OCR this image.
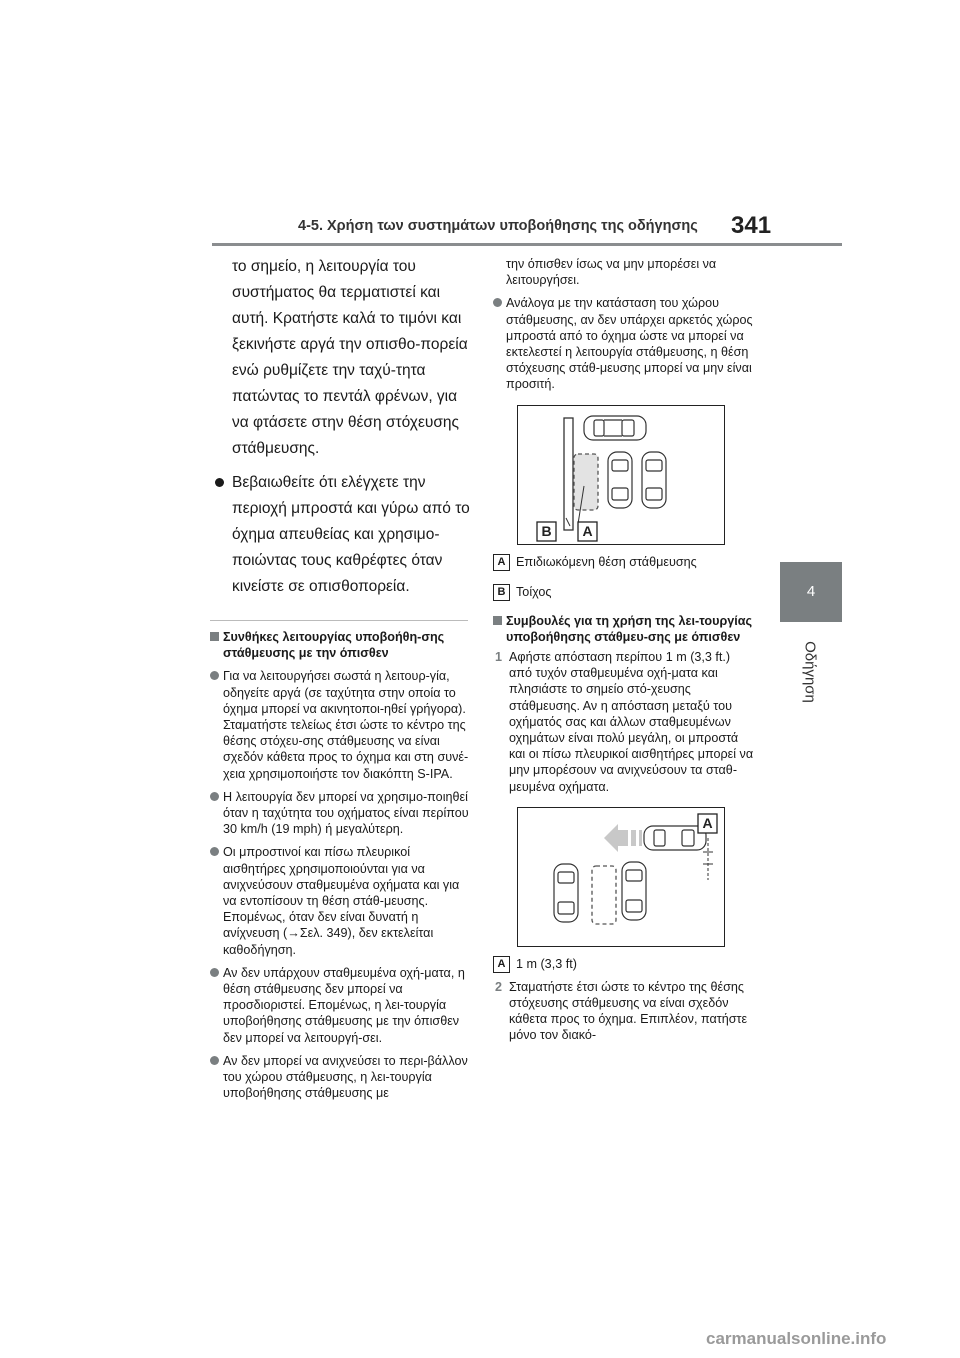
4-5. Χρήση των συστημάτων υποβοήθησης της οδήγησης 341
4
Οδήγηση
το σημείο, η λειτουργία του συστήματος θα τερματιστεί και αυτή. Κρατήστε καλά το τιμόνι και ξεκινήστε αργά την οπισθο-πορεία ενώ ρυθμίζετε την ταχύ-τητα πατώντας το πεντάλ φρένων, για να φτάσετε στην θέση στόχευσης στάθμευσης.
Βεβαιωθείτε ότι ελέγχετε την περιοχή μπροστά και γύρω από το όχημα απευθείας και χρησιμο-ποιώντας τους καθρέφτες όταν κινείστε σε οπισθοπορεία.
Συνθήκες λειτουργίας υποβοήθη-σης στάθμευσης με την όπισθεν
Για να λειτουργήσει σωστά η λειτουρ-γία, οδηγείτε αργά (σε ταχύτητα στην οποία το όχημα μπορεί να ακινητοποι-ηθεί γρήγορα). Σταματήστε τελείως έτσι ώστε το κέντρο της θέσης στόχευ-σης στάθμευσης να είναι σχεδόν κάθετα προς το όχημα και στη συνέ-χεια χρησιμοποιήστε τον διακόπτη S-IPA.
Η λειτουργία δεν μπορεί να χρησιμο-ποιηθεί όταν η ταχύτητα του οχήματος είναι περίπου 30 km/h (19 mph) ή μεγαλύτερη.
Οι μπροστινοί και πίσω πλευρικοί αισθητήρες χρησιμοποιούνται για να ανιχνεύσουν σταθμευμένα οχήματα και για να εντοπίσουν τη θέση στάθ-μευσης. Επομένως, όταν δεν είναι δυνατή η ανίχνευση (→Σελ. 349), δεν εκτελείται καθοδήγηση.
Αν δεν υπάρχουν σταθμευμένα οχή-ματα, η θέση στάθμευσης δεν μπορεί να προσδιοριστεί. Επομένως, η λει-τουργία υποβοήθησης στάθμευσης με την όπισθεν δεν μπορεί να λειτουργή-σει.
Αν δεν μπορεί να ανιχνεύσει το περι-βάλλον του χώρου στάθμευσης, η λει-τουργία υποβοήθησης στάθμευσης με
την όπισθεν ίσως να μην μπορέσει να λειτουργήσει.
Ανάλογα με την κατάσταση του χώρου στάθμευσης, αν δεν υπάρχει αρκετός χώρος μπροστά από το όχημα ώστε να μπορεί να εκτελεστεί η λειτουργία στάθμευσης, η θέση στόχευσης στάθ-μευσης μπορεί να μην είναι προσιτή.
B A
A Επιδιωκόμενη θέση στάθμευσης
B Τοίχος
Συμβουλές για τη χρήση της λει-τουργίας υποβοήθησης στάθμευ-σης με όπισθεν
1 Αφήστε απόσταση περίπου 1 m (3,3 ft.) από τυχόν σταθμευμένα οχή-ματα και πλησιάστε το σημείο στό-χευσης στάθμευσης. Αν η απόσταση μεταξύ του οχήματός σας και άλλων σταθμευμένων οχημάτων είναι πολύ μεγάλη, οι μπροστά και οι πίσω πλευρικοί αισθητήρες μπορεί να μην μπορέσουν να ανιχνεύσουν τα σταθ-μευμένα οχήματα.
A
A 1 m (3,3 ft)
2 Σταματήστε έτσι ώστε το κέντρο της θέσης στόχευσης στάθμευσης να είναι σχεδόν κάθετα προς το όχημα. Επιπλέον, πατήστε μόνο τον διακό-
carmanualsonline.info
